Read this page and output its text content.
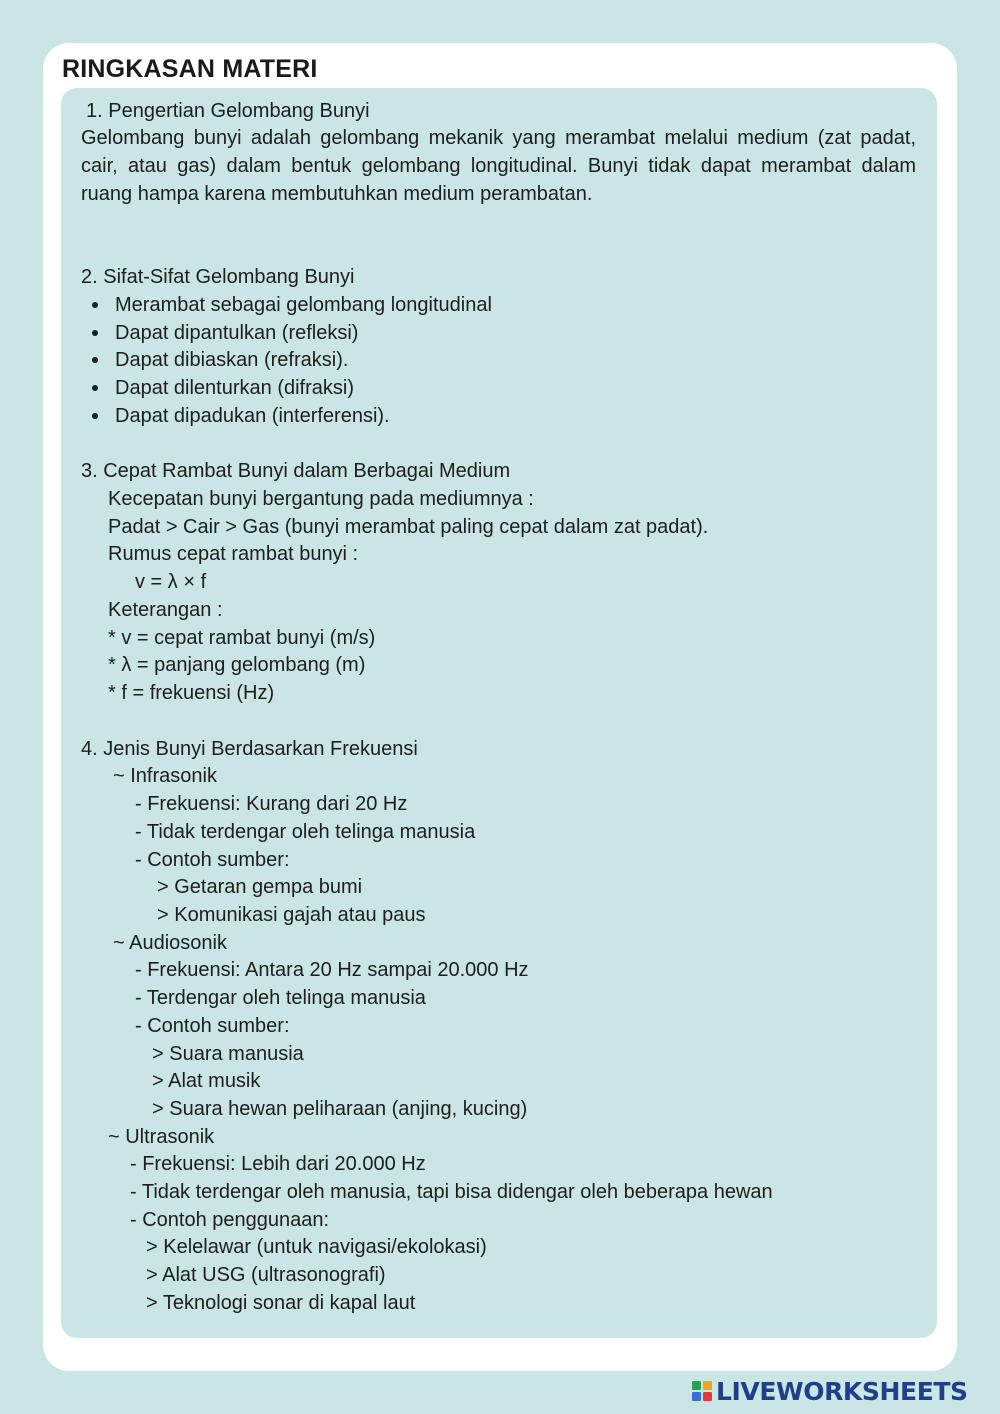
RINGKASAN MATERI
1. Pengertian Gelombang Bunyi
Gelombang bunyi adalah gelombang mekanik yang merambat melalui medium (zat padat, cair, atau gas) dalam bentuk gelombang longitudinal. Bunyi tidak dapat merambat dalam ruang hampa karena membutuhkan medium perambatan.
2. Sifat-Sifat Gelombang Bunyi
Merambat sebagai gelombang longitudinal
Dapat dipantulkan (refleksi)
Dapat dibiaskan (refraksi).
Dapat dilenturkan (difraksi)
Dapat dipadukan (interferensi).
3. Cepat Rambat Bunyi dalam Berbagai Medium
Kecepatan bunyi bergantung pada mediumnya :
Padat > Cair > Gas (bunyi merambat paling cepat dalam zat padat).
Rumus cepat rambat bunyi :
v = λ × f
Keterangan :
* v = cepat rambat bunyi (m/s)
* λ = panjang gelombang (m)
* f = frekuensi (Hz)
4. Jenis Bunyi Berdasarkan Frekuensi
~ Infrasonik
- Frekuensi: Kurang dari 20 Hz
- Tidak terdengar oleh telinga manusia
- Contoh sumber:
> Getaran gempa bumi
> Komunikasi gajah atau paus
~ Audiosonik
- Frekuensi: Antara 20 Hz sampai 20.000 Hz
- Terdengar oleh telinga manusia
- Contoh sumber:
> Suara manusia
> Alat musik
> Suara hewan peliharaan (anjing, kucing)
~ Ultrasonik
- Frekuensi: Lebih dari 20.000 Hz
- Tidak terdengar oleh manusia, tapi bisa didengar oleh beberapa hewan
- Contoh penggunaan:
> Kelelawar (untuk navigasi/ekolokasi)
> Alat USG (ultrasonografi)
> Teknologi sonar di kapal laut
LIVEWORKSHEETS
